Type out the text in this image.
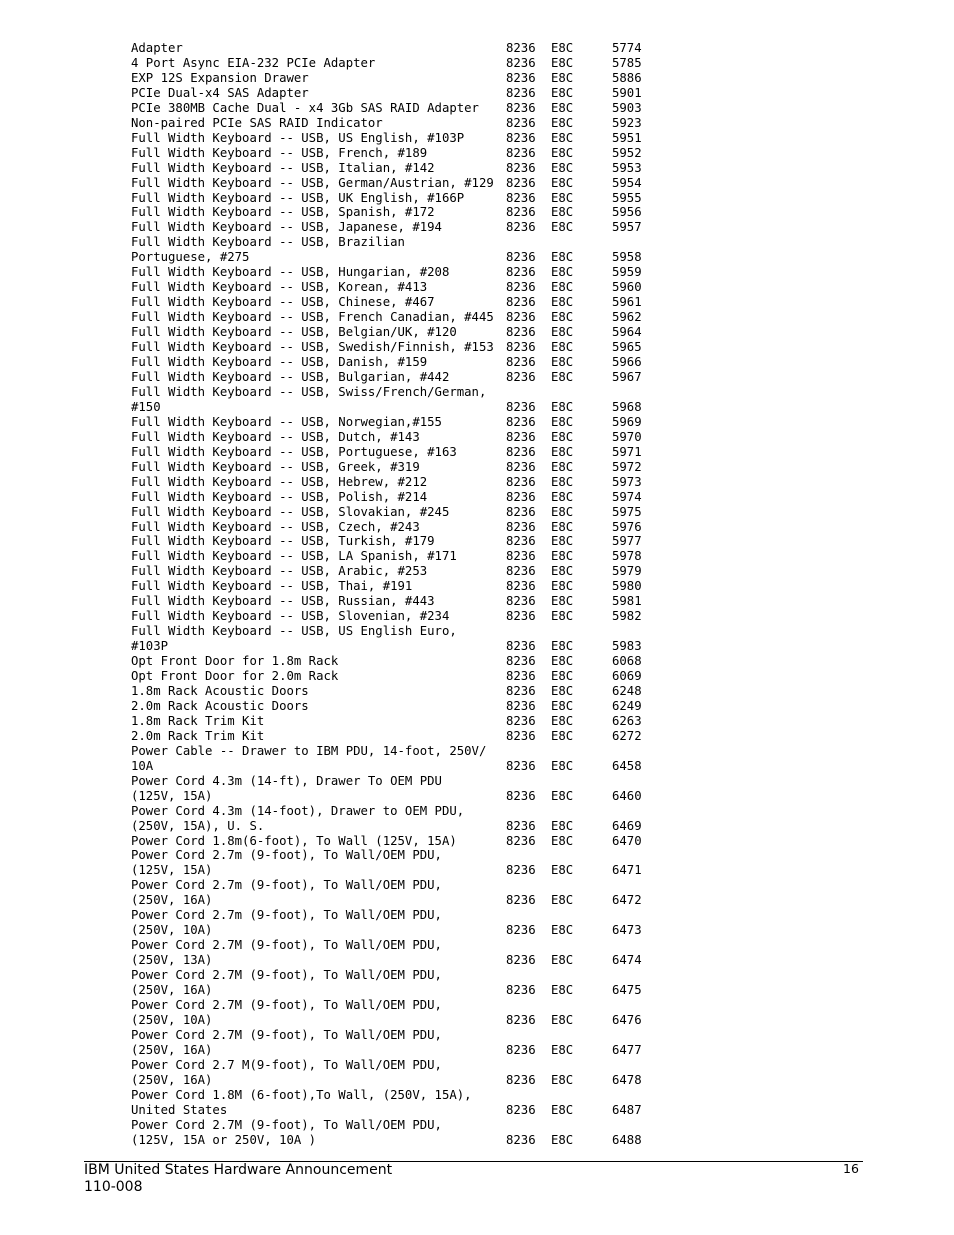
Adapter	8236 E8C	5774
4 Port Async EIA-232 PCIe Adapter	8236 E8C	5785
EXP 12S Expansion Drawer	8236 E8C	5886
PCIe Dual-x4 SAS Adapter	8236 E8C	5901
PCIe 380MB Cache Dual - x4 3Gb SAS RAID Adapter	8236 E8C	5903
Non-paired PCIe SAS RAID Indicator	8236 E8C	5923
Full Width Keyboard -- USB, US English, #103P	8236 E8C	5951
Full Width Keyboard -- USB, French, #189	8236 E8C	5952
Full Width Keyboard -- USB, Italian, #142	8236 E8C	5953
Full Width Keyboard -- USB, German/Austrian, #129 8236 E8C	5954
Full Width Keyboard -- USB, UK English, #166P	8236 E8C	5955
Full Width Keyboard -- USB, Spanish, #172	8236 E8C	5956
Full Width Keyboard -- USB, Japanese, #194	8236 E8C	5957
Full Width Keyboard -- USB, Brazilian
Portuguese, #275	8236 E8C	5958
Full Width Keyboard -- USB, Hungarian, #208	8236 E8C	5959
Full Width Keyboard -- USB, Korean, #413	8236 E8C	5960
Full Width Keyboard -- USB, Chinese, #467	8236 E8C	5961
Full Width Keyboard -- USB, French Canadian, #445 8236 E8C	5962
Full Width Keyboard -- USB, Belgian/UK, #120	8236 E8C	5964
Full Width Keyboard -- USB, Swedish/Finnish, #153 8236 E8C	5965
Full Width Keyboard -- USB, Danish, #159	8236 E8C	5966
Full Width Keyboard -- USB, Bulgarian, #442	8236 E8C	5967
Full Width Keyboard -- USB, Swiss/French/German,
#150	8236 E8C	5968
Full Width Keyboard -- USB, Norwegian,#155	8236 E8C	5969
Full Width Keyboard -- USB, Dutch, #143	8236 E8C	5970
Full Width Keyboard -- USB, Portuguese, #163	8236 E8C	5971
Full Width Keyboard -- USB, Greek, #319	8236 E8C	5972
Full Width Keyboard -- USB, Hebrew, #212	8236 E8C	5973
Full Width Keyboard -- USB, Polish, #214	8236 E8C	5974
Full Width Keyboard -- USB, Slovakian, #245	8236 E8C	5975
Full Width Keyboard -- USB, Czech, #243	8236 E8C	5976
Full Width Keyboard -- USB, Turkish, #179	8236 E8C	5977
Full Width Keyboard -- USB, LA Spanish, #171	8236 E8C	5978
Full Width Keyboard -- USB, Arabic, #253	8236 E8C	5979
Full Width Keyboard -- USB, Thai, #191	8236 E8C	5980
Full Width Keyboard -- USB, Russian, #443	8236 E8C	5981
Full Width Keyboard -- USB, Slovenian, #234	8236 E8C	5982
Full Width Keyboard -- USB, US English Euro,
#103P	8236 E8C	5983
Opt Front Door for 1.8m Rack	8236 E8C	6068
Opt Front Door for 2.0m Rack	8236 E8C	6069
1.8m Rack Acoustic Doors	8236 E8C	6248
2.0m Rack Acoustic Doors	8236 E8C	6249
1.8m Rack Trim Kit	8236 E8C	6263
2.0m Rack Trim Kit	8236 E8C	6272
Power Cable -- Drawer to IBM PDU, 14-foot, 250V/
10A	8236 E8C	6458
Power Cord 4.3m (14-ft), Drawer To OEM PDU
(125V, 15A)	8236 E8C	6460
Power Cord 4.3m (14-foot), Drawer to OEM PDU,
(250V, 15A), U. S.	8236 E8C	6469
Power Cord 1.8m(6-foot), To Wall (125V, 15A)	8236 E8C	6470
Power Cord 2.7m (9-foot), To Wall/OEM PDU,
(125V, 15A)	8236 E8C	6471
Power Cord 2.7m (9-foot), To Wall/OEM PDU,
(250V, 16A)	8236 E8C	6472
Power Cord 2.7m (9-foot), To Wall/OEM PDU,
(250V, 10A)	8236 E8C	6473
Power Cord 2.7M (9-foot), To Wall/OEM PDU,
(250V, 13A)	8236 E8C	6474
Power Cord 2.7M (9-foot), To Wall/OEM PDU,
(250V, 16A)	8236 E8C	6475
Power Cord 2.7M (9-foot), To Wall/OEM PDU,
(250V, 10A)	8236 E8C	6476
Power Cord 2.7M (9-foot), To Wall/OEM PDU,
(250V, 16A)	8236 E8C	6477
Power Cord 2.7 M(9-foot), To Wall/OEM PDU,
(250V, 16A)	8236 E8C	6478
Power Cord 1.8M (6-foot),To Wall, (250V, 15A),
United States	8236 E8C	6487
Power Cord 2.7M (9-foot), To Wall/OEM PDU,
(125V, 15A or 250V, 10A )	8236 E8C	6488
IBM United States Hardware Announcement
110-008
16
